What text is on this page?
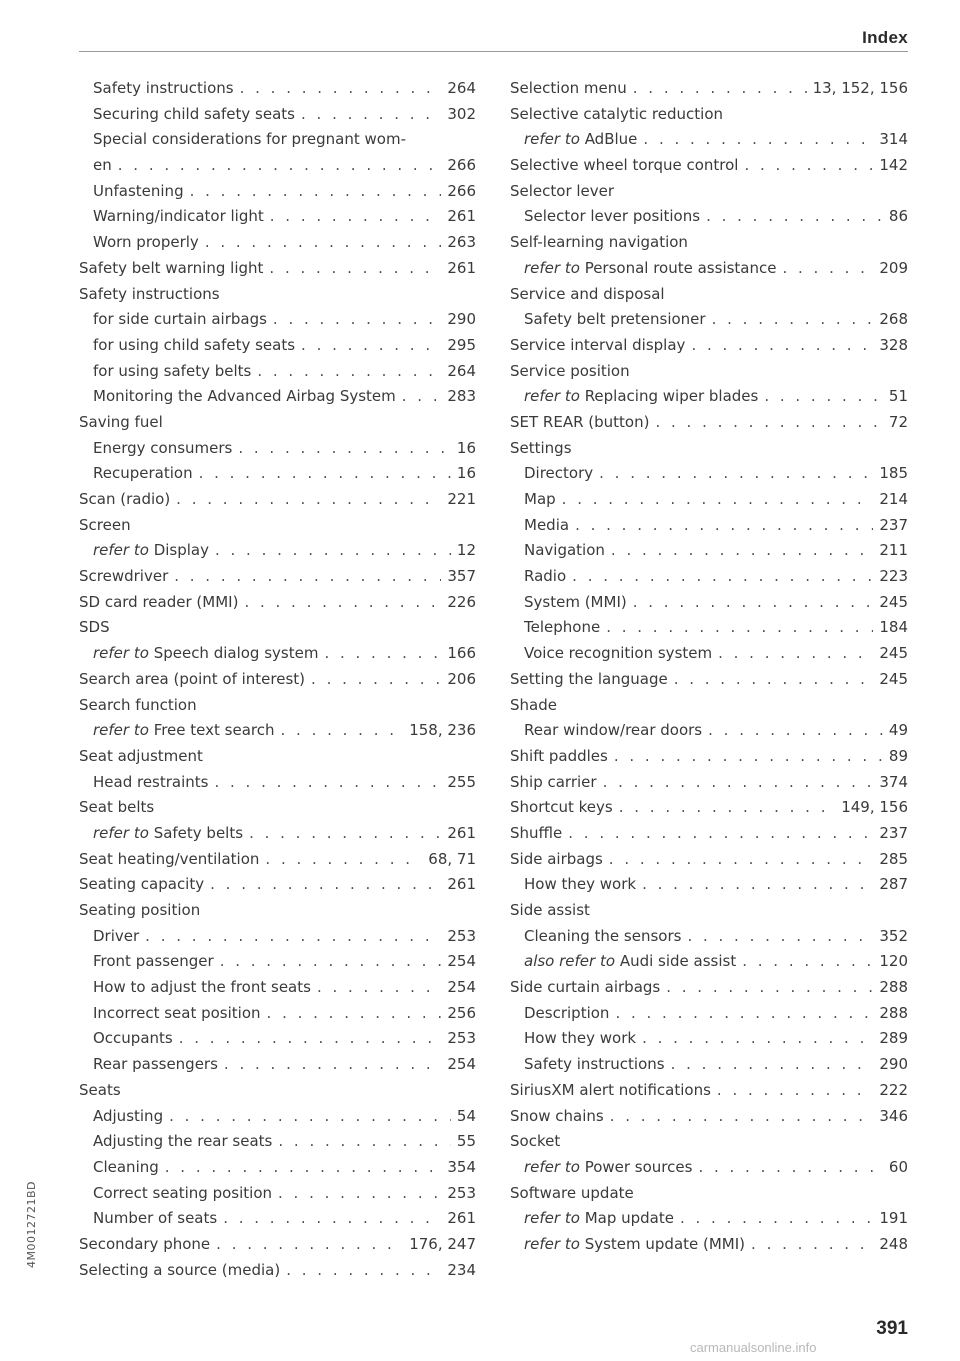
Index
Safety instructions . . .	264
Securing child safety seats . . .	302
Special considerations for pregnant wom-
en . . .	266
Unfastening . . .	266
Warning/indicator light . . .	261
Worn properly . . .	263
Safety belt warning light . . .	261
Safety instructions
for side curtain airbags . . .	290
for using child safety seats . . .	295
for using safety belts . . .	264
Monitoring the Advanced Airbag System . . .	283
Saving fuel
Energy consumers . . .	16
Recuperation . . .	16
Scan (radio) . . .	221
Screen
refer to Display . . .	12
Screwdriver . . .	357
SD card reader (MMI) . . .	226
SDS
refer to Speech dialog system . . .	166
Search area (point of interest) . . .	206
Search function
refer to Free text search . . .	158, 236
Seat adjustment
Head restraints . . .	255
Seat belts
refer to Safety belts . . .	261
Seat heating/ventilation . . .	68, 71
Seating capacity . . .	261
Seating position
Driver . . .	253
Front passenger . . .	254
How to adjust the front seats . . .	254
Incorrect seat position . . .	256
Occupants . . .	253
Rear passengers . . .	254
Seats
Adjusting . . .	54
Adjusting the rear seats . . .	55
Cleaning . . .	354
Correct seating position . . .	253
Number of seats . . .	261
Secondary phone . . .	176, 247
Selecting a source (media) . . .	234
Selection menu . . .	13, 152, 156
Selective catalytic reduction
refer to AdBlue . . .	314
Selective wheel torque control . . .	142
Selector lever
Selector lever positions . . .	86
Self-learning navigation
refer to Personal route assistance . . .	209
Service and disposal
Safety belt pretensioner . . .	268
Service interval display . . .	328
Service position
refer to Replacing wiper blades . . .	51
SET REAR (button) . . .	72
Settings
Directory . . .	185
Map . . .	214
Media . . .	237
Navigation . . .	211
Radio . . .	223
System (MMI) . . .	245
Telephone . . .	184
Voice recognition system . . .	245
Setting the language . . .	245
Shade
Rear window/rear doors . . .	49
Shift paddles . . .	89
Ship carrier . . .	374
Shortcut keys . . .	149, 156
Shuffle . . .	237
Side airbags . . .	285
How they work . . .	287
Side assist
Cleaning the sensors . . .	352
also refer to Audi side assist . . .	120
Side curtain airbags . . .	288
Description . . .	288
How they work . . .	289
Safety instructions . . .	290
SiriusXM alert notifications . . .	222
Snow chains . . .	346
Socket
refer to Power sources . . .	60
Software update
refer to Map update . . .	191
refer to System update (MMI) . . .	248
391
4M0012721BD
carmanualsonline.info
